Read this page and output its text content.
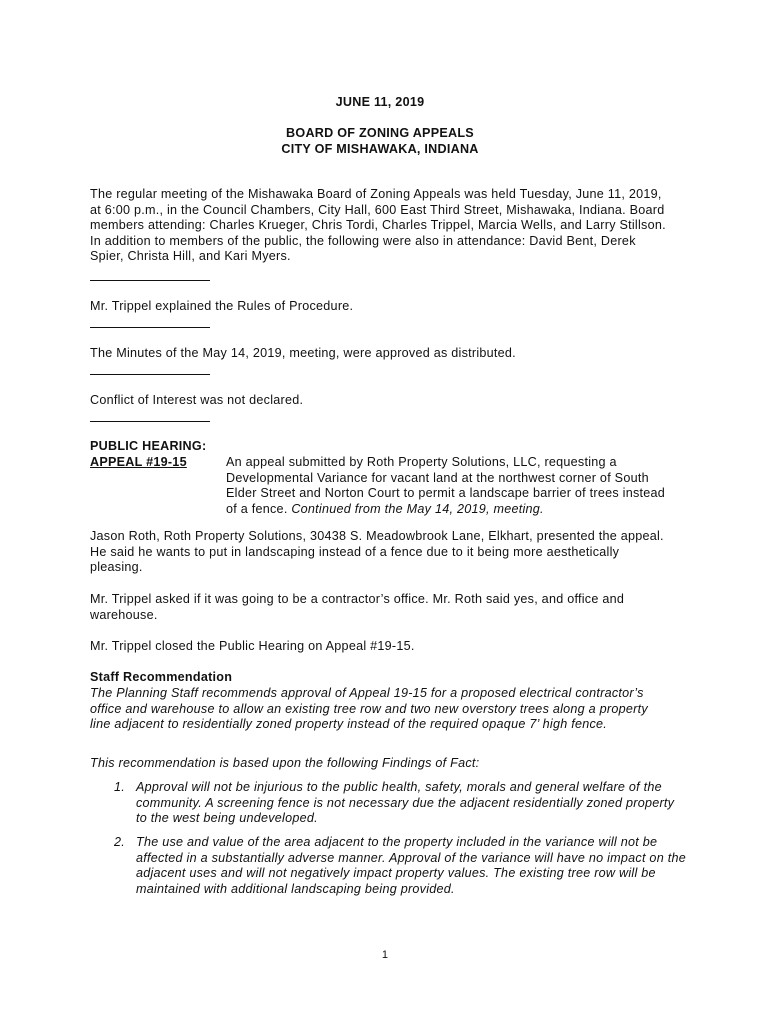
JUNE 11, 2019
BOARD OF ZONING APPEALS
CITY OF MISHAWAKA, INDIANA

The regular meeting of the Mishawaka Board of Zoning Appeals was held Tuesday, June 11, 2019, at 6:00 p.m., in the Council Chambers, City Hall, 600 East Third Street, Mishawaka, Indiana. Board members attending: Charles Krueger, Chris Tordi, Charles Trippel, Marcia Wells, and Larry Stillson. In addition to members of the public, the following were also in attendance: David Bent, Derek Spier, Christa Hill, and Kari Myers.

Mr. Trippel explained the Rules of Procedure.

The Minutes of the May 14, 2019, meeting, were approved as distributed.

Conflict of Interest was not declared.

PUBLIC HEARING:
APPEAL #19-15	An appeal submitted by Roth Property Solutions, LLC, requesting a Developmental Variance for vacant land at the northwest corner of South Elder Street and Norton Court to permit a landscape barrier of trees instead of a fence. Continued from the May 14, 2019, meeting.

Jason Roth, Roth Property Solutions, 30438 S. Meadowbrook Lane, Elkhart, presented the appeal. He said he wants to put in landscaping instead of a fence due to it being more aesthetically pleasing.

Mr. Trippel asked if it was going to be a contractor’s office. Mr. Roth said yes, and office and warehouse.

Mr. Trippel closed the Public Hearing on Appeal #19-15.

Staff Recommendation

The Planning Staff recommends approval of Appeal 19-15 for a proposed electrical contractor’s office and warehouse to allow an existing tree row and two new overstory trees along a property line adjacent to residentially zoned property instead of the required opaque 7’ high fence.

This recommendation is based upon the following Findings of Fact:

1. Approval will not be injurious to the public health, safety, morals and general welfare of the community. A screening fence is not necessary due the adjacent residentially zoned property to the west being undeveloped.
2. The use and value of the area adjacent to the property included in the variance will not be affected in a substantially adverse manner. Approval of the variance will have no impact on the adjacent uses and will not negatively impact property values. The existing tree row will be maintained with additional landscaping being provided.
1
